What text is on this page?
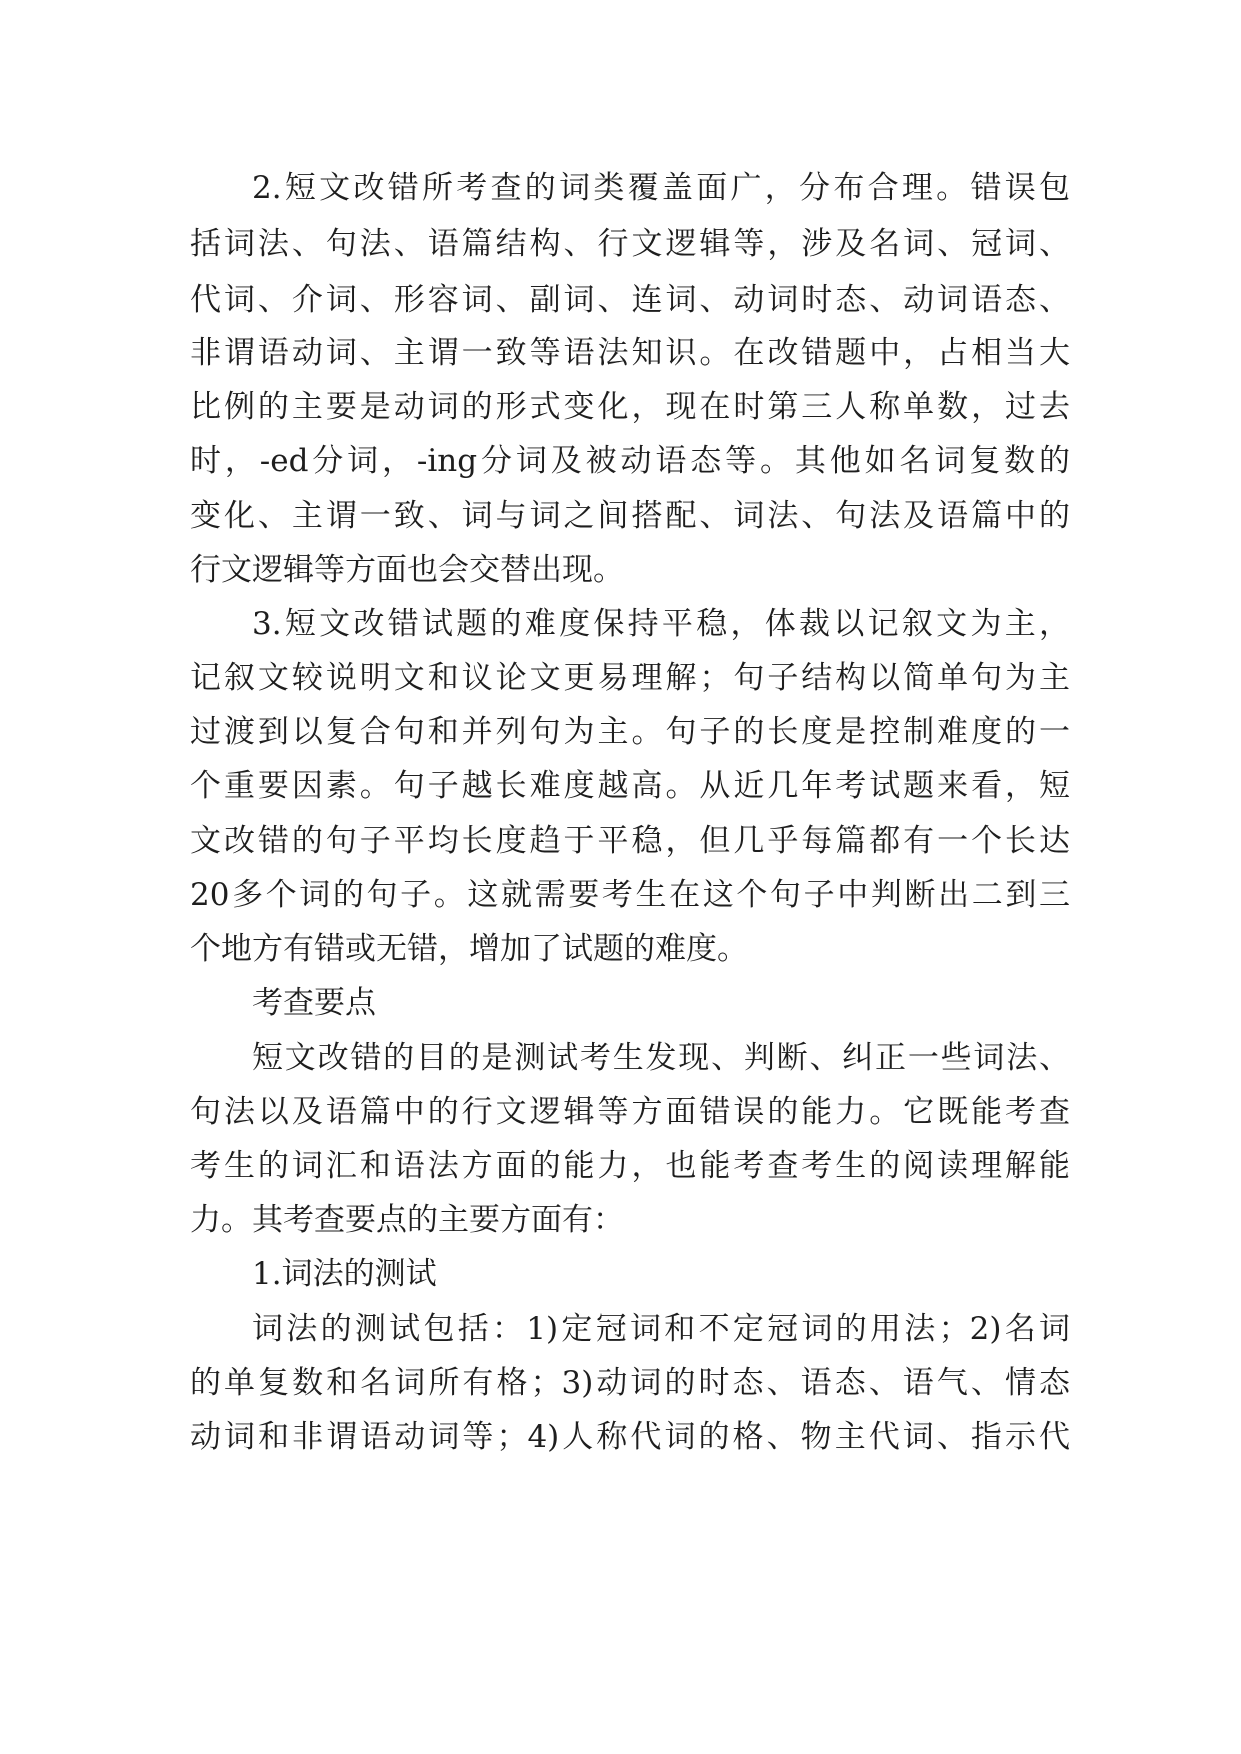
2.短文改错所考查的词类覆盖面广，分布合理。错误包
括词法、句法、语篇结构、行文逻辑等，涉及名词、冠词、
代词、介词、形容词、副词、连词、动词时态、动词语态、
非谓语动词、主谓一致等语法知识。在改错题中，占相当大
比例的主要是动词的形式变化，现在时第三人称单数，过去
时，-ed分词，-ing分词及被动语态等。其他如名词复数的
变化、主谓一致、词与词之间搭配、词法、句法及语篇中的
行文逻辑等方面也会交替出现。
3.短文改错试题的难度保持平稳，体裁以记叙文为主，
记叙文较说明文和议论文更易理解；句子结构以简单句为主
过渡到以复合句和并列句为主。句子的长度是控制难度的一
个重要因素。句子越长难度越高。从近几年考试题来看，短
文改错的句子平均长度趋于平稳，但几乎每篇都有一个长达
20多个词的句子。这就需要考生在这个句子中判断出二到三
个地方有错或无错，增加了试题的难度。
考查要点
短文改错的目的是测试考生发现、判断、纠正一些词法、
句法以及语篇中的行文逻辑等方面错误的能力。它既能考查
考生的词汇和语法方面的能力，也能考查考生的阅读理解能
力。其考查要点的主要方面有：
1.词法的测试
词法的测试包括：1)定冠词和不定冠词的用法；2)名词
的单复数和名词所有格；3)动词的时态、语态、语气、情态
动词和非谓语动词等；4)人称代词的格、物主代词、指示代
